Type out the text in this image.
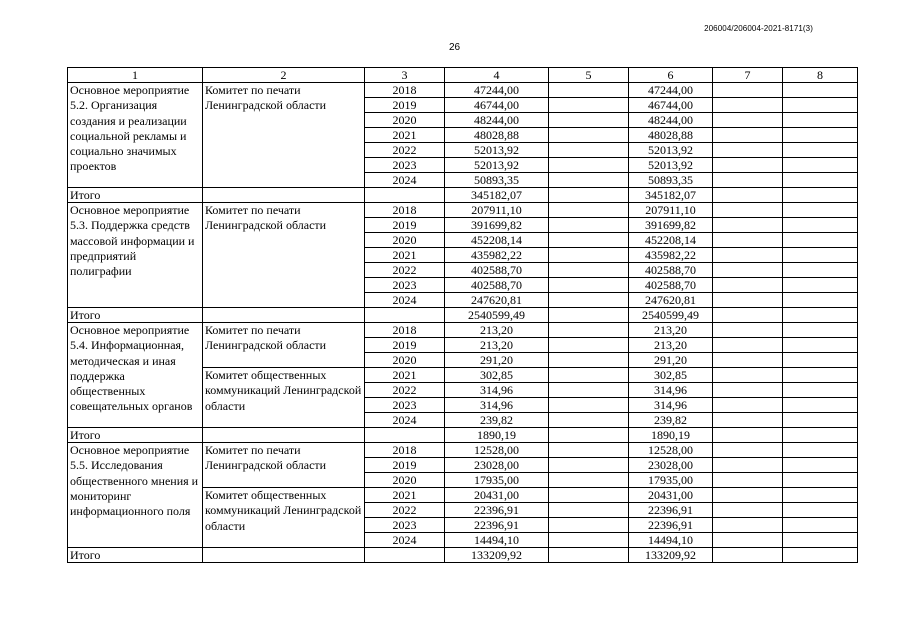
206004/206004-2021-8171(3)
26
1	2	3	4	5	6	7	8
Основное мероприятие 5.2. Организация создания и реализации социальной рекламы и социально значимых проектов	Комитет по печати Ленинградской области	2018	47244,00		47244,00		
		2019	46744,00		46744,00		
		2020	48244,00		48244,00		
		2021	48028,88		48028,88		
		2022	52013,92		52013,92		
		2023	52013,92		52013,92		
		2024	50893,35		50893,35		
Итого			345182,07		345182,07		
Основное мероприятие 5.3. Поддержка средств массовой информации и предприятий полиграфии	Комитет по печати Ленинградской области	2018	207911,10		207911,10		
		2019	391699,82		391699,82		
		2020	452208,14		452208,14		
		2021	435982,22		435982,22		
		2022	402588,70		402588,70		
		2023	402588,70		402588,70		
		2024	247620,81		247620,81		
Итого			2540599,49		2540599,49		
Основное мероприятие 5.4. Информационная, методическая и иная поддержка общественных совещательных органов	Комитет по печати Ленинградской области	2018	213,20		213,20		
		2019	213,20		213,20		
		2020	291,20		291,20		
	Комитет общественных коммуникаций Ленинградской области	2021	302,85		302,85		
		2022	314,96		314,96		
		2023	314,96		314,96		
		2024	239,82		239,82		
Итого			1890,19		1890,19		
Основное мероприятие 5.5. Исследования общественного мнения и мониторинг информационного поля	Комитет по печати Ленинградской области	2018	12528,00		12528,00		
		2019	23028,00		23028,00		
		2020	17935,00		17935,00		
	Комитет общественных коммуникаций Ленинградской области	2021	20431,00		20431,00		
		2022	22396,91		22396,91		
		2023	22396,91		22396,91		
		2024	14494,10		14494,10		
Итого			133209,92		133209,92		
